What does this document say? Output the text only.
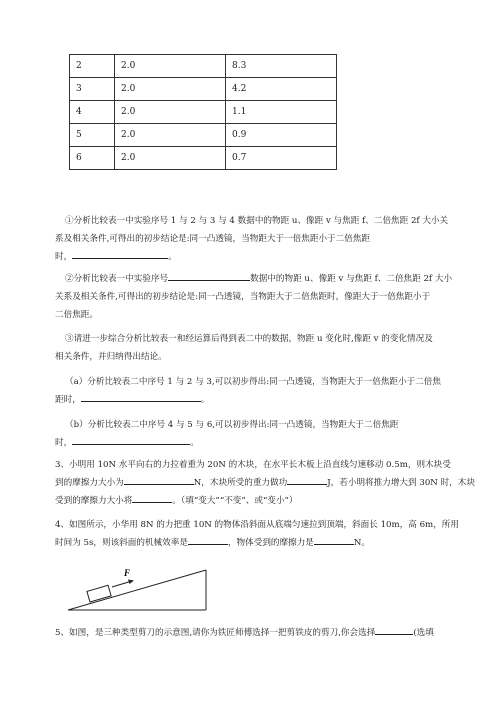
2	2.0	8.3
3	2.0	4.2
4	2.0	1.1
5	2.0	0.9
6	2.0	0.7
①分析比较表一中实验序号 1 与 2 与 3 与 4 数据中的物距 u、像距 v 与焦距 f、二倍焦距 2f 大小关
系及相关条件,可得出的初步结论是:同一凸透镜，当物距大于一倍焦距小于二倍焦距
时，	。
②分析比较表一中实验序号	数据中的物距 u、像距 v 与焦距 f、二倍焦距 2f 大小
关系及相关条件,可得出的初步结论是:同一凸透镜，当物距大于二倍焦距时，像距大于一倍焦距小于
二倍焦距。
③请进一步综合分析比较表一和经运算后得到表二中的数据，物距 u 变化时,像距 v 的变化情况及
相关条件，并归纳得出结论。
（a）分析比较表二中序号 1 与 2 与 3,可以初步得出:同一凸透镜，当物距大于一倍焦距小于二倍焦
距时，	。
（b）分析比较表二中序号 4 与 5 与 6,可以初步得出:同一凸透镜，当物距大于二倍焦距
时，	。
3、小明用 10N 水平向右的力拉着重为 20N 的木块，在水平长木板上沿直线匀速移动 0.5m，则木块受
到的摩擦力大小为	N，木块所受的重力做功	J，若小明将推力增大到 30N 时，木块
受到的摩擦力大小将	。（填“变大”“不变”、或“变小”）
4、如图所示，小华用 8N 的力把重 10N 的物体沿斜面从底端匀速拉到顶端，斜面长 10m，高 6m，所用
时间为 5s，则该斜面的机械效率是	，物体受到的摩擦力是	N。
F
5、如图，是三种类型剪刀的示意图,请你为铁匠师傅选择一把剪铁皮的剪刀,你会选择	(选填
